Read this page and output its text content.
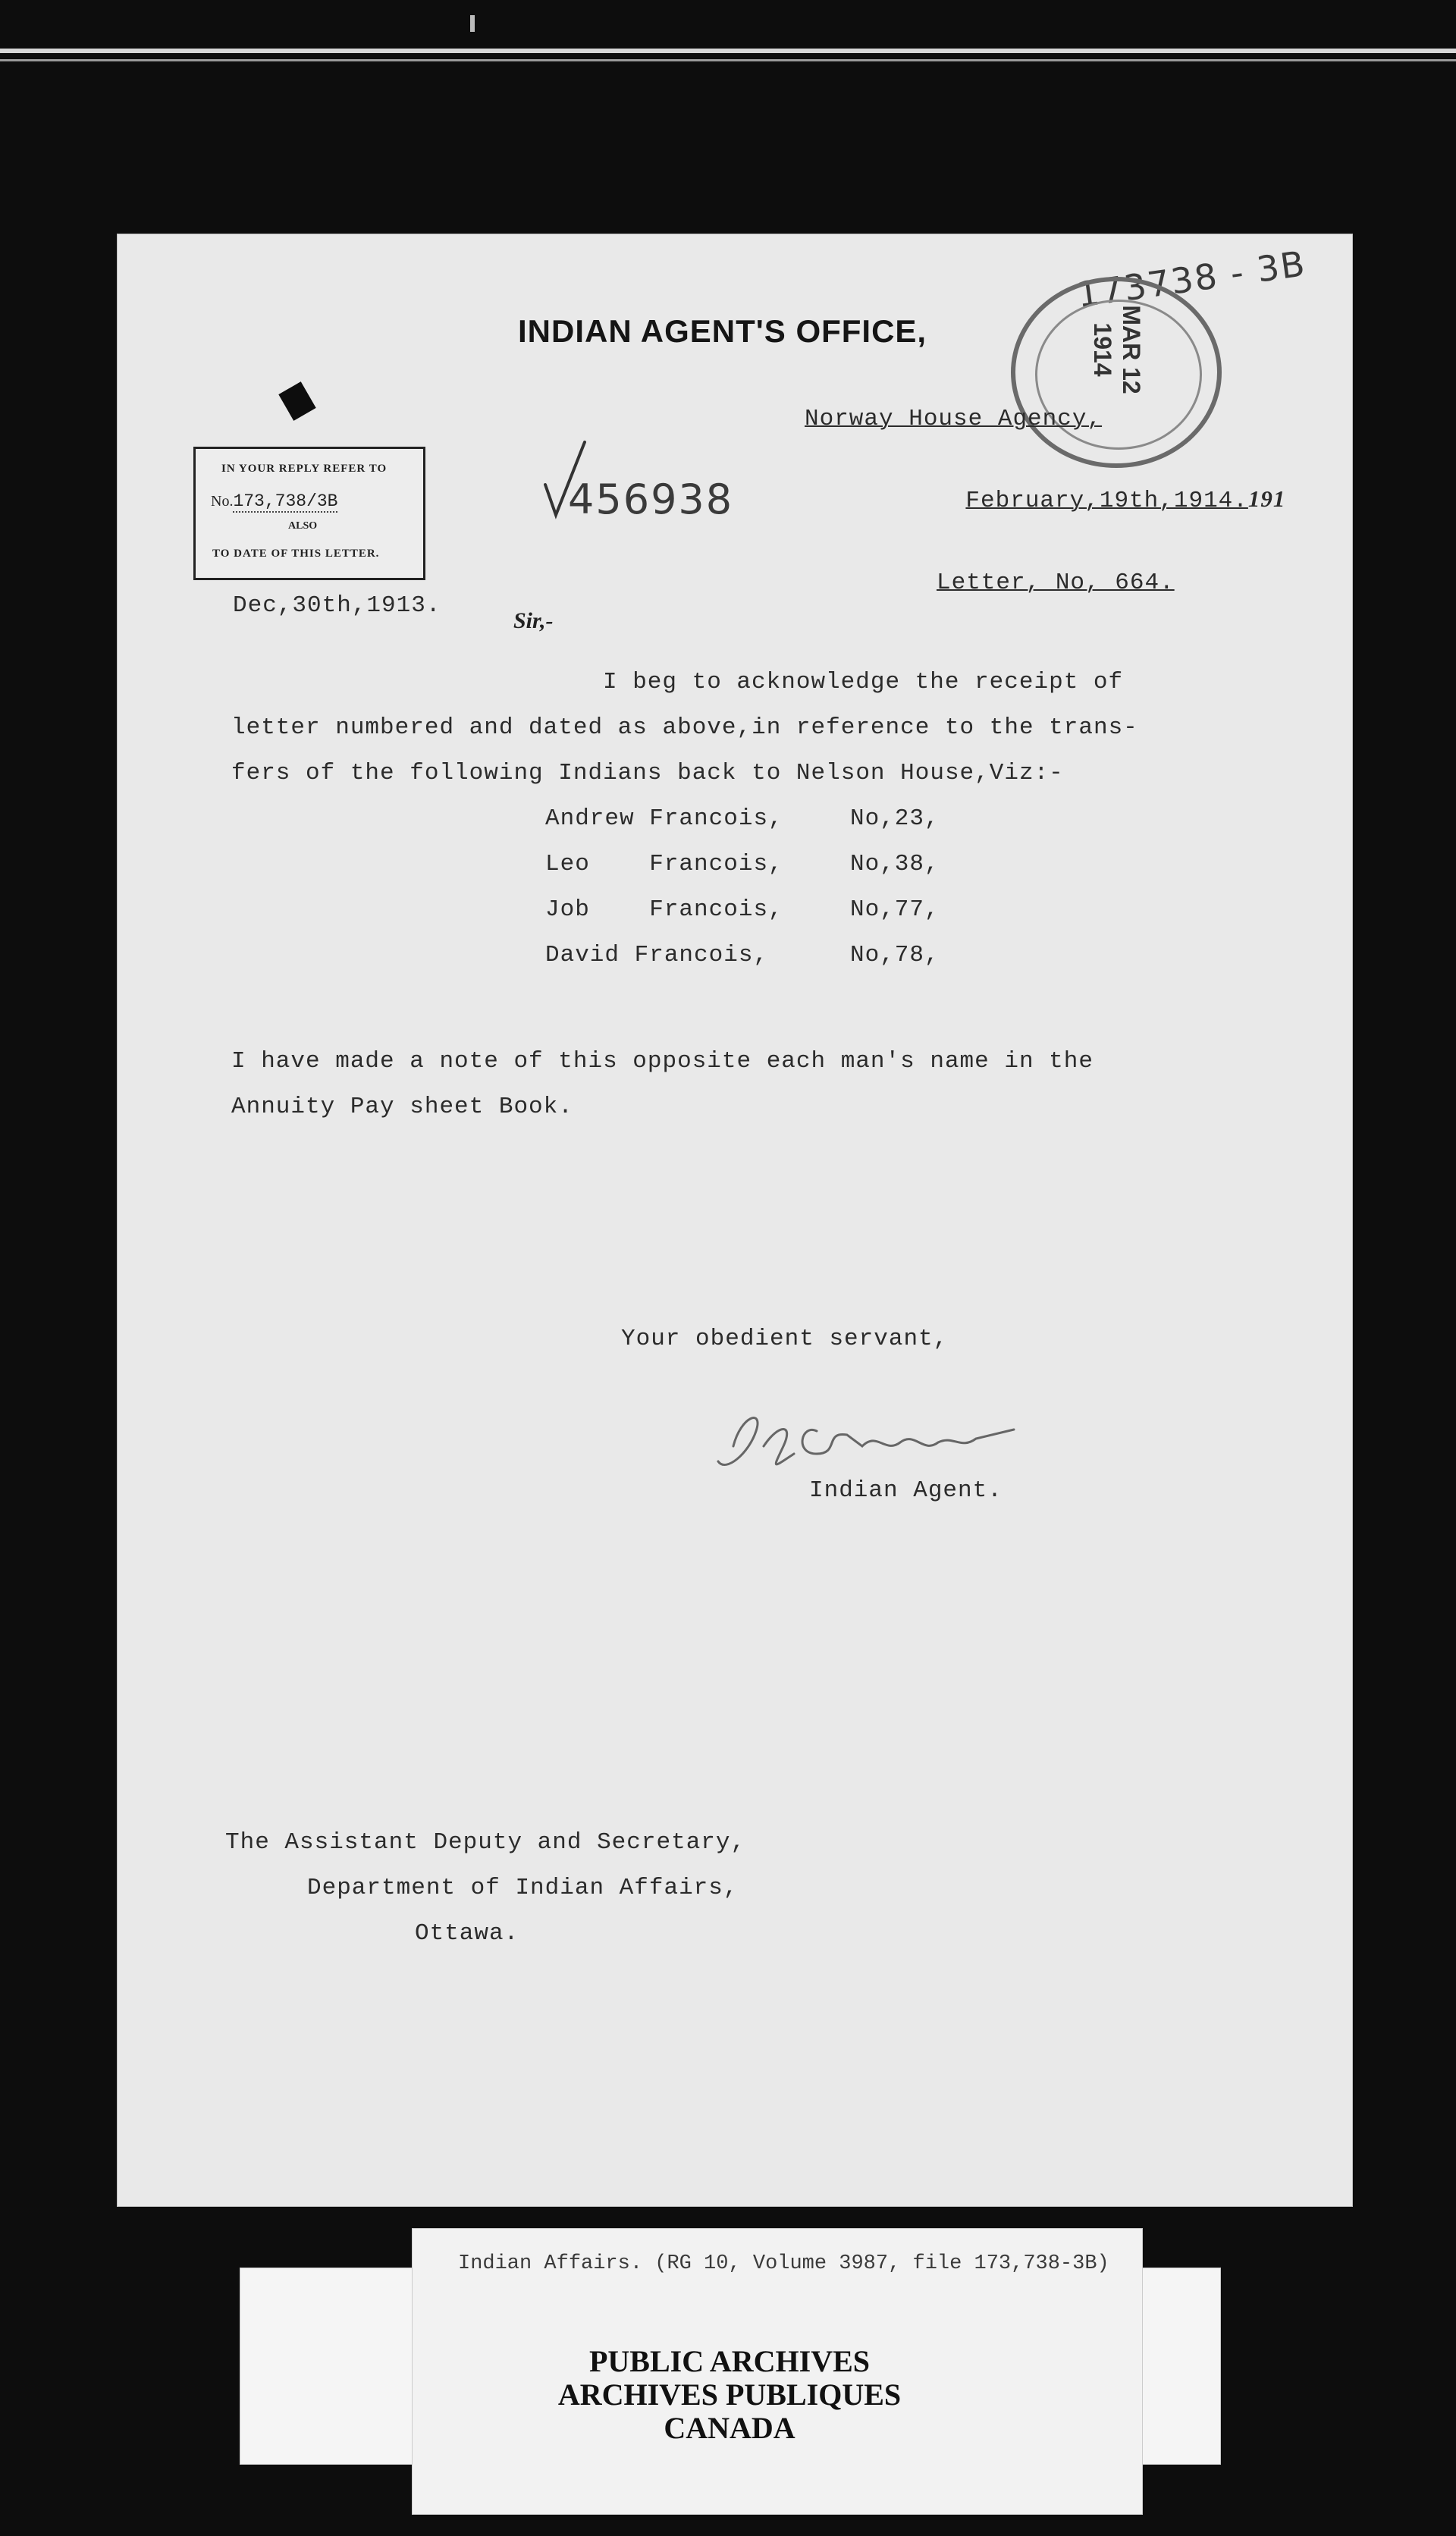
INDIAN AGENT'S OFFICE,
173738 - 3B
MAR 12 1914
Norway House Agency,

February,19th,1914.191

IN YOUR REPLY REFER TO
No.173,738/3B
ALSO
TO DATE OF THIS LETTER.
456938
Letter, No, 664.
Dec,30th,1913.
Sir,-
I beg to acknowledge the receipt of
letter numbered and dated as above,in reference to the trans-
fers of the following Indians back to Nelson House,Viz:-
Andrew Francois,	No,23,
Leo    Francois,	No,38,
Job    Francois,	No,77,
David Francois,	No,78,
I have made a note of this opposite each man's name in the
Annuity Pay sheet Book.
Your obedient servant,
Indian Agent.
The Assistant Deputy and Secretary,
Department of Indian Affairs,
Ottawa.
Indian Affairs. (RG 10, Volume 3987, file 173,738-3B)
PUBLIC ARCHIVES
ARCHIVES PUBLIQUES
CANADA
